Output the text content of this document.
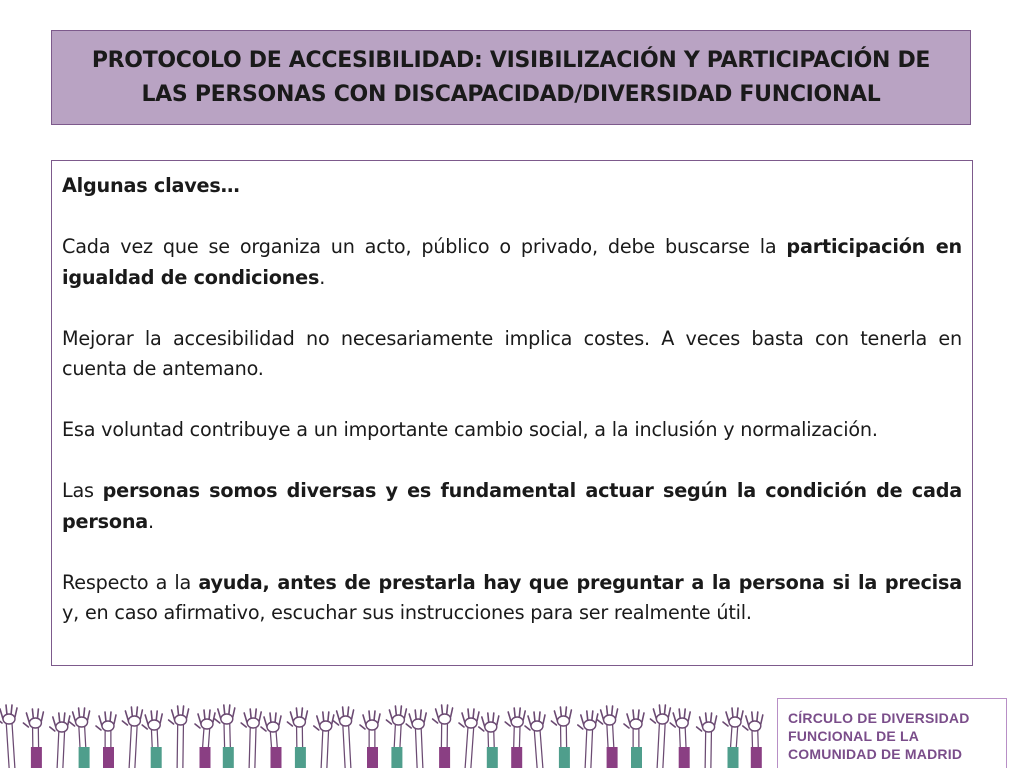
PROTOCOLO DE ACCESIBILIDAD: VISIBILIZACIÓN Y PARTICIPACIÓN DE LAS PERSONAS CON DISCAPACIDAD/DIVERSIDAD FUNCIONAL
Algunas claves…

Cada vez que se organiza un acto, público o privado, debe buscarse la participación en igualdad de condiciones.

Mejorar la accesibilidad no necesariamente implica costes. A veces basta con tenerla en cuenta de antemano.

Esa voluntad contribuye a un importante cambio social, a la inclusión y normalización.

Las personas somos diversas y es fundamental actuar según la condición de cada persona.

Respecto a la ayuda, antes de prestarla hay que preguntar a la persona si la precisa y, en caso afirmativo, escuchar sus instrucciones para ser realmente útil.

CÍRCULO DE DIVERSIDAD
FUNCIONAL DE LA
COMUNIDAD DE MADRID
